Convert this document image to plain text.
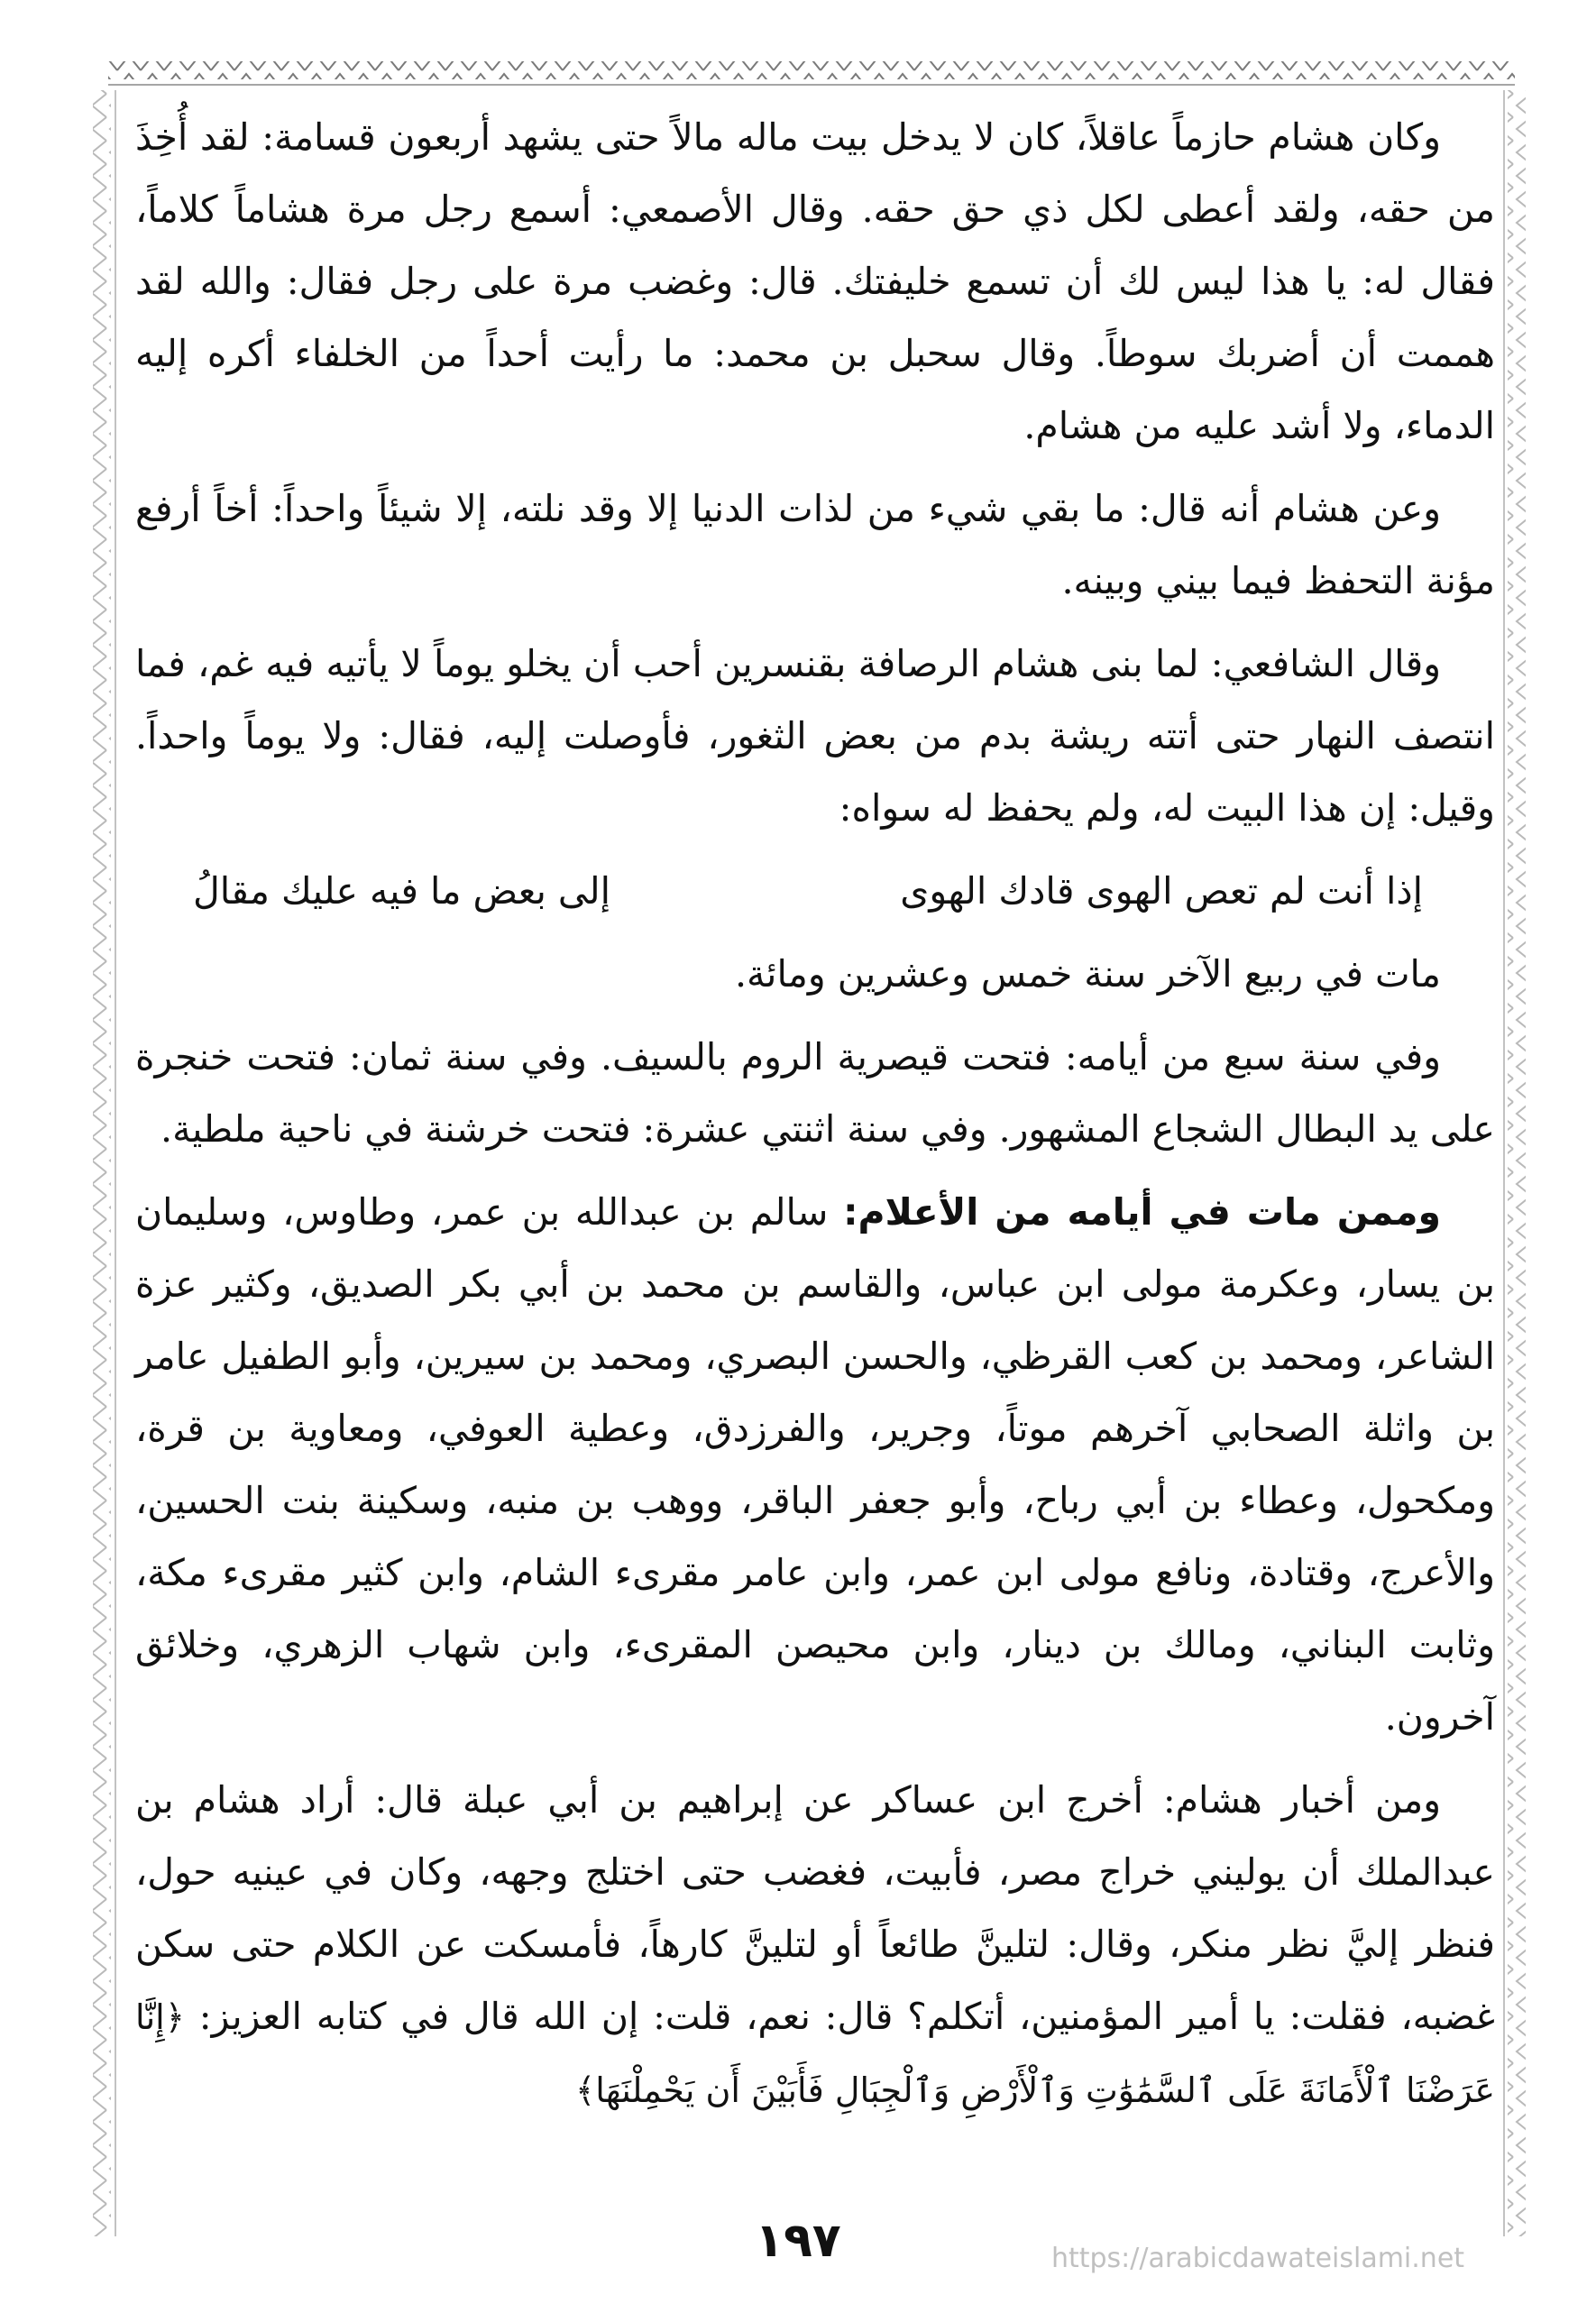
وكان هشام حازماً عاقلاً، كان لا يدخل بيت ماله مالاً حتى يشهد أربعون قسامة: لقد أُخِذَ من حقه، ولقد أعطى لكل ذي حق حقه. وقال الأصمعي: أسمع رجل مرة هشاماً كلاماً، فقال له: يا هذا ليس لك أن تسمع خليفتك. قال: وغضب مرة على رجل فقال: والله لقد هممت أن أضربك سوطاً. وقال سحبل بن محمد: ما رأيت أحداً من الخلفاء أكره إليه الدماء، ولا أشد عليه من هشام.

وعن هشام أنه قال: ما بقي شيء من لذات الدنيا إلا وقد نلته، إلا شيئاً واحداً: أخاً أرفع مؤنة التحفظ فيما بيني وبينه.

وقال الشافعي: لما بنى هشام الرصافة بقنسرين أحب أن يخلو يوماً لا يأتيه فيه غم، فما انتصف النهار حتى أتته ريشة بدم من بعض الثغور، فأوصلت إليه، فقال: ولا يوماً واحداً. وقيل: إن هذا البيت له، ولم يحفظ له سواه:

إذا أنت لم تعص الهوى قادك الهوى
إلى بعض ما فيه عليك مقالُ

مات في ربيع الآخر سنة خمس وعشرين ومائة.

وفي سنة سبع من أيامه: فتحت قيصرية الروم بالسيف. وفي سنة ثمان: فتحت خنجرة على يد البطال الشجاع المشهور. وفي سنة اثنتي عشرة: فتحت خرشنة في ناحية ملطية.

وممن مات في أيامه من الأعلام: سالم بن عبدالله بن عمر، وطاوس، وسليمان بن يسار، وعكرمة مولى ابن عباس، والقاسم بن محمد بن أبي بكر الصديق، وكثير عزة الشاعر، ومحمد بن كعب القرظي، والحسن البصري، ومحمد بن سيرين، وأبو الطفيل عامر بن واثلة الصحابي آخرهم موتاً، وجرير، والفرزدق، وعطية العوفي، ومعاوية بن قرة، ومكحول، وعطاء بن أبي رباح، وأبو جعفر الباقر، ووهب بن منبه، وسكينة بنت الحسين، والأعرج، وقتادة، ونافع مولى ابن عمر، وابن عامر مقرىء الشام، وابن كثير مقرىء مكة، وثابت البناني، ومالك بن دينار، وابن محيصن المقرىء، وابن شهاب الزهري، وخلائق آخرون.

ومن أخبار هشام: أخرج ابن عساكر عن إبراهيم بن أبي عبلة قال: أراد هشام بن عبدالملك أن يوليني خراج مصر، فأبيت، فغضب حتى اختلج وجهه، وكان في عينيه حول، فنظر إليَّ نظر منكر، وقال: لتلينَّ طائعاً أو لتلينَّ كارهاً، فأمسكت عن الكلام حتى سكن غضبه، فقلت: يا أمير المؤمنين، أتكلم؟ قال: نعم، قلت: إن الله قال في كتابه العزيز: ﴿إِنَّا عَرَضْنَا ٱلْأَمَانَةَ عَلَى ٱلسَّمَٰوَٰتِ وَٱلْأَرْضِ وَٱلْجِبَالِ فَأَبَيْنَ أَن يَحْمِلْنَهَا﴾

١٩٧	https://arabicdawateislami.net
